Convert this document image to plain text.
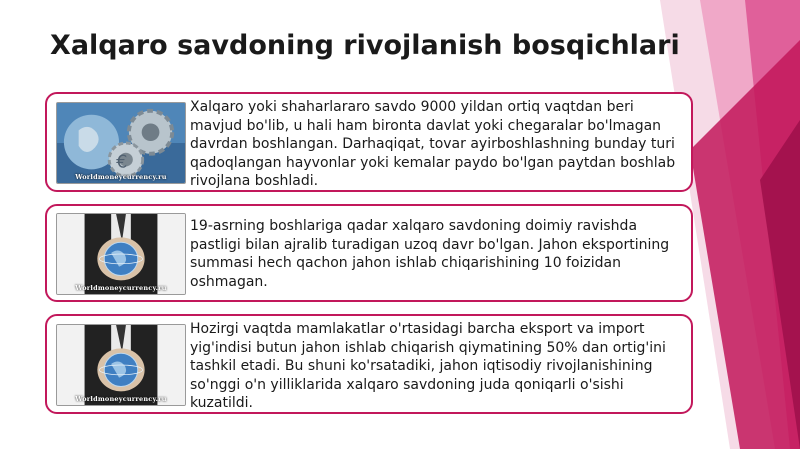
Xalqaro savdoning rivojlanish bosqichlari
€
Worldmoneycurrency.ru
Xalqaro yoki shaharlararo savdo 9000 yildan ortiq vaqtdan beri mavjud bo'lib, u hali ham bironta davlat yoki chegaralar bo'lmagan davrdan boshlangan. Darhaqiqat, tovar ayirboshlashning bunday turi qadoqlangan hayvonlar yoki kemalar paydo bo'lgan paytdan boshlab rivojlana boshladi.
Worldmoneycurrency.ru
19-asrning boshlariga qadar xalqaro savdoning doimiy ravishda pastligi bilan ajralib turadigan uzoq davr bo'lgan. Jahon eksportining summasi hech qachon jahon ishlab chiqarishining 10 foizidan oshmagan.
Worldmoneycurrency.ru
Hozirgi vaqtda mamlakatlar o'rtasidagi barcha eksport va import yig'indisi butun jahon ishlab chiqarish qiymatining 50% dan ortig'ini tashkil etadi. Bu shuni ko'rsatadiki, jahon iqtisodiy rivojlanishining so'nggi o'n yilliklarida xalqaro savdoning juda qoniqarli o'sishi kuzatildi.
